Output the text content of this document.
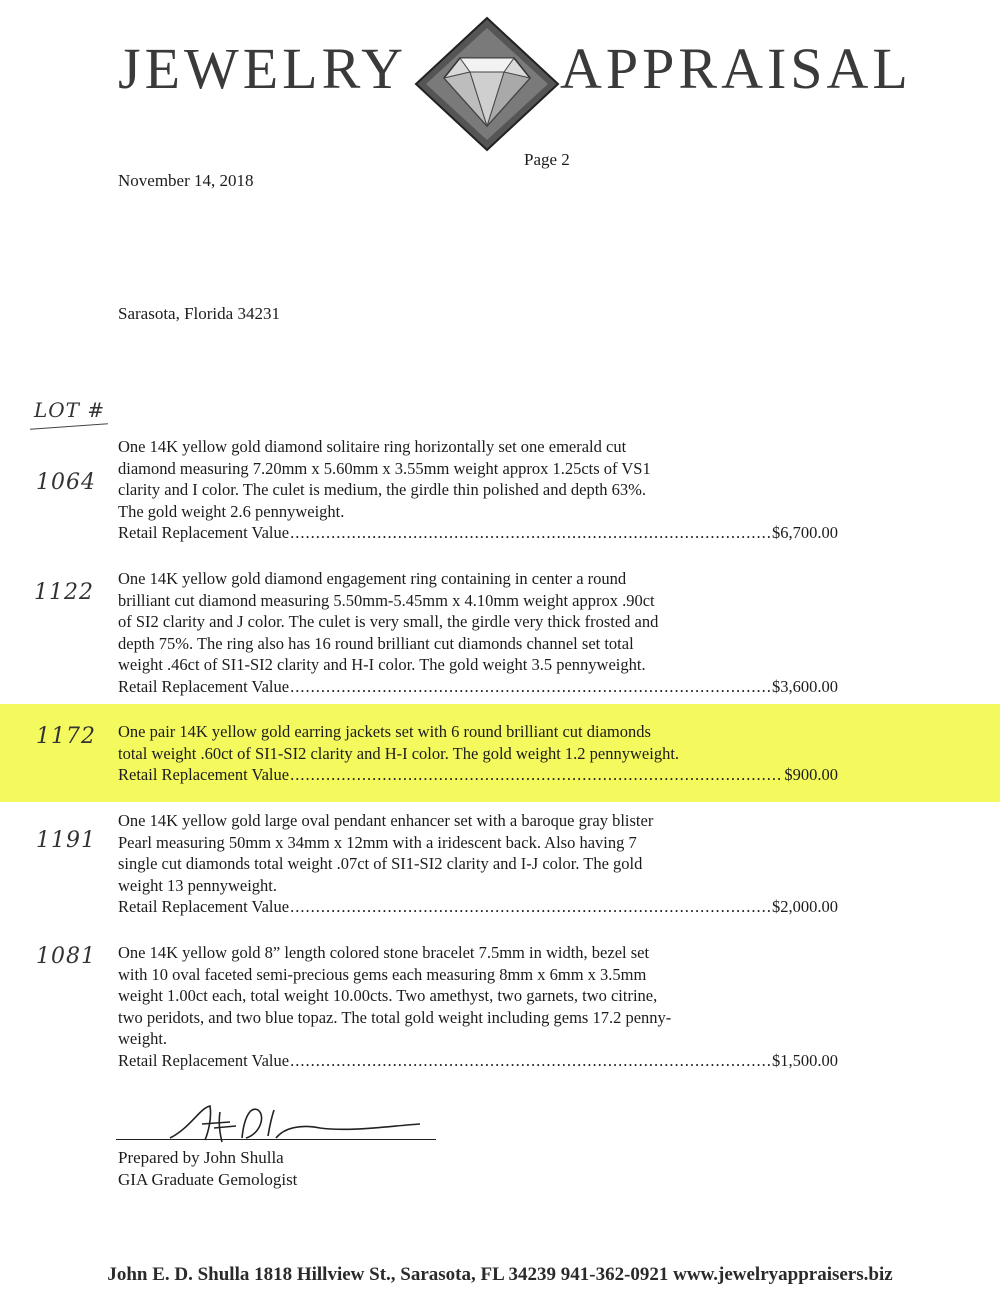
JEWELRY	APPRAISAL
Page 2
November 14, 2018
Sarasota, Florida 34231
LOT #
1064
One 14K yellow gold diamond solitaire ring horizontally set one emerald cut
diamond measuring 7.20mm x 5.60mm x 3.55mm weight approx 1.25cts of VS1
clarity and I color. The culet is medium, the girdle thin polished and depth 63%.
The gold weight 2.6 pennyweight.
Retail Replacement Value .....	$6,700.00
1122
One 14K yellow gold diamond engagement ring containing in center a round
brilliant cut diamond measuring 5.50mm-5.45mm x 4.10mm weight approx .90ct
of SI2 clarity and J color. The culet is very small, the girdle very thick frosted and
depth 75%. The ring also has 16 round brilliant cut diamonds channel set total
weight .46ct of SI1-SI2 clarity and H-I color. The gold weight 3.5 pennyweight.
Retail Replacement Value .....	$3,600.00
1172 One pair 14K yellow gold earring jackets set with 6 round brilliant cut diamonds
total weight .60ct of SI1-SI2 clarity and H-I color. The gold weight 1.2 pennyweight.
Retail Replacement Value .....	$900.00
1191
One 14K yellow gold large oval pendant enhancer set with a baroque gray blister
Pearl measuring 50mm x 34mm x 12mm with a iridescent back. Also having 7
single cut diamonds total weight .07ct of SI1-SI2 clarity and I-J color. The gold
weight 13 pennyweight.
Retail Replacement Value .....	$2,000.00
1081 One 14K yellow gold 8” length colored stone bracelet 7.5mm in width, bezel set
with 10 oval faceted semi-precious gems each measuring 8mm x 6mm x 3.5mm
weight 1.00ct each, total weight 10.00cts. Two amethyst, two garnets, two citrine,
two peridots, and two blue topaz. The total gold weight including gems 17.2 penny-
weight.
Retail Replacement Value .....	$1,500.00
Prepared by John Shulla
GIA Graduate Gemologist
John E. D. Shulla 1818 Hillview St., Sarasota, FL 34239 941-362-0921 www.jewelryappraisers.biz
